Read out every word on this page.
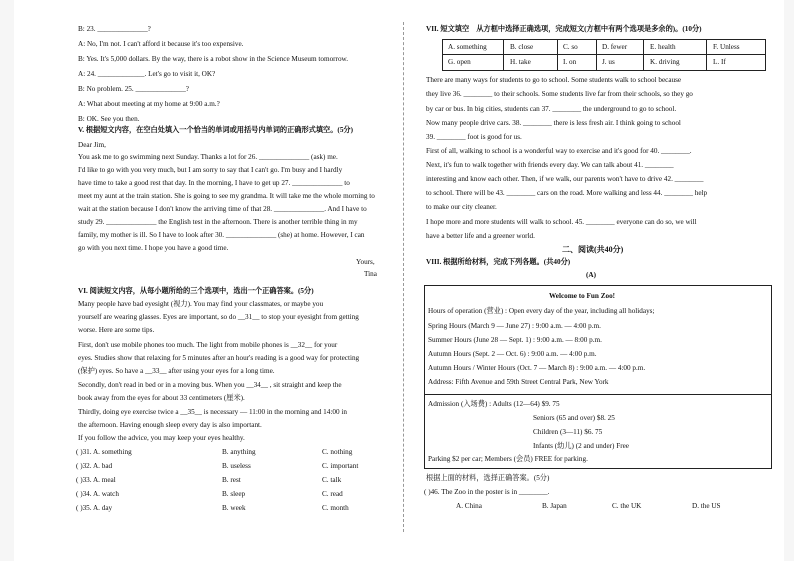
B: 23. ______________?
A: No, I'm not. I can't afford it because it's too expensive.
B: Yes. It's 5,000 dollars. By the way, there is a robot show in the Science Museum tomorrow.
A: 24. _____________. Let's go to visit it, OK?
B: No problem. 25. ______________?
A: What about meeting at my home at 9:00 a.m.?
B: OK. See you then.
V. 根据短文内容，在空白处填入一个恰当的单词或用括号内单词的正确形式填空。(5分)
Dear Jim,
You ask me to go swimming next Sunday. Thanks a lot for 26. ______________ (ask) me.
I'd like to go with you very much, but I am sorry to say that I can't go. I'm busy and I hardly
have time to take a good rest that day. In the morning, I have to get up 27. ______________ to
meet my aunt at the train station. She is going to see my grandma. It will take me the whole morning to
wait at the station because I don't know the arriving time of that 28. ______________. And I have to
study 29. ______________ the English test in the afternoon. There is another terrible thing in my
family, my mother is ill. So I have to look after 30. ______________ (she) at home. However, I can
go with you next time. I hope you have a good time.
Yours,
Tina
VI. 阅读短文内容，从每小题所给的三个选项中，选出一个正确答案。(5分)
Many people have bad eyesight (视力). You may find your classmates, or maybe you
yourself are wearing glasses. Eyes are important, so do __31__ to stop your eyesight from getting
worse. Here are some tips.
First, don't use mobile phones too much. The light from mobile phones is __32__ for your
eyes. Studies show that relaxing for 5 minutes after an hour's reading is a good way for protecting
(保护) eyes. So have a __33__ after using your eyes for a long time.
Secondly, don't read in bed or in a moving bus. When you __34__ , sit straight and keep the
book away from the eyes for about 33 centimeters (厘米).
Thirdly, doing eye exercise twice a __35__ is necessary — 11:00 in the morning and 14:00 in
the afternoon. Having enough sleep every day is also important.
If you follow the advice, you may keep your eyes healthy.
( )31. A. something	B. anything	C. nothing
( )32. A. bad	B. useless	C. important
( )33. A. meal	B. rest	C. talk
( )34. A. watch	B. sleep	C. read
( )35. A. day	B. week	C. month
VII. 短文填空　从方框中选择正确选项，完成短文(方框中有两个选项是多余的)。(10分)
A. something	B. close	C. so	D. fewer	E. health	F. Unless
G. open	H. take	I. on	J. us	K. driving	L. If
There are many ways for students to go to school. Some students walk to school because
they live 36. ________ to their schools. Some students live far from their schools, so they go
by car or bus. In big cities, students can 37. ________ the underground to go to school.
Now many people drive cars. 38. ________ there is less fresh air. I think going to school
39. ________ foot is good for us.
First of all, walking to school is a wonderful way to exercise and it's good for 40. ________.
Next, it's fun to walk together with friends every day. We can talk about 41. ________
interesting and know each other. Then, if we walk, our parents won't have to drive 42. ________
to school. There will be 43. ________ cars on the road. More walking and less 44. ________ help
to make our city cleaner.
I hope more and more students will walk to school. 45. ________ everyone can do so, we will
have a better life and a greener world.
二、阅读(共40分)
VIII. 根据所给材料，完成下列各题。(共40分)
(A)
Welcome to Fun Zoo!
Hours of operation (营业) : Open every day of the year, including all holidays;
Spring Hours (March 9 — June 27) : 9:00 a.m. — 4:00 p.m.
Summer Hours (June 28 — Sept. 1) : 9:00 a.m. — 8:00 p.m.
Autumn Hours (Sept. 2 — Oct. 6) : 9:00 a.m. — 4:00 p.m.
Autumn Hours / Winter Hours (Oct. 7 — March 8) : 9:00 a.m. — 4:00 p.m.
Address: Fifth Avenue and 59th Street Central Park, New York
Admission (入场费) : Adults (12—64) $9. 75
Seniors (65 and over) $8. 25
Children (3—11) $6. 75
Infants (幼儿) (2 and under) Free
Parking $2 per car; Members (会员) FREE for parking.
根据上面的材料，选择正确答案。(5分)
( )46. The Zoo in the poster is in ________.
A. China	B. Japan	C. the UK	D. the US
